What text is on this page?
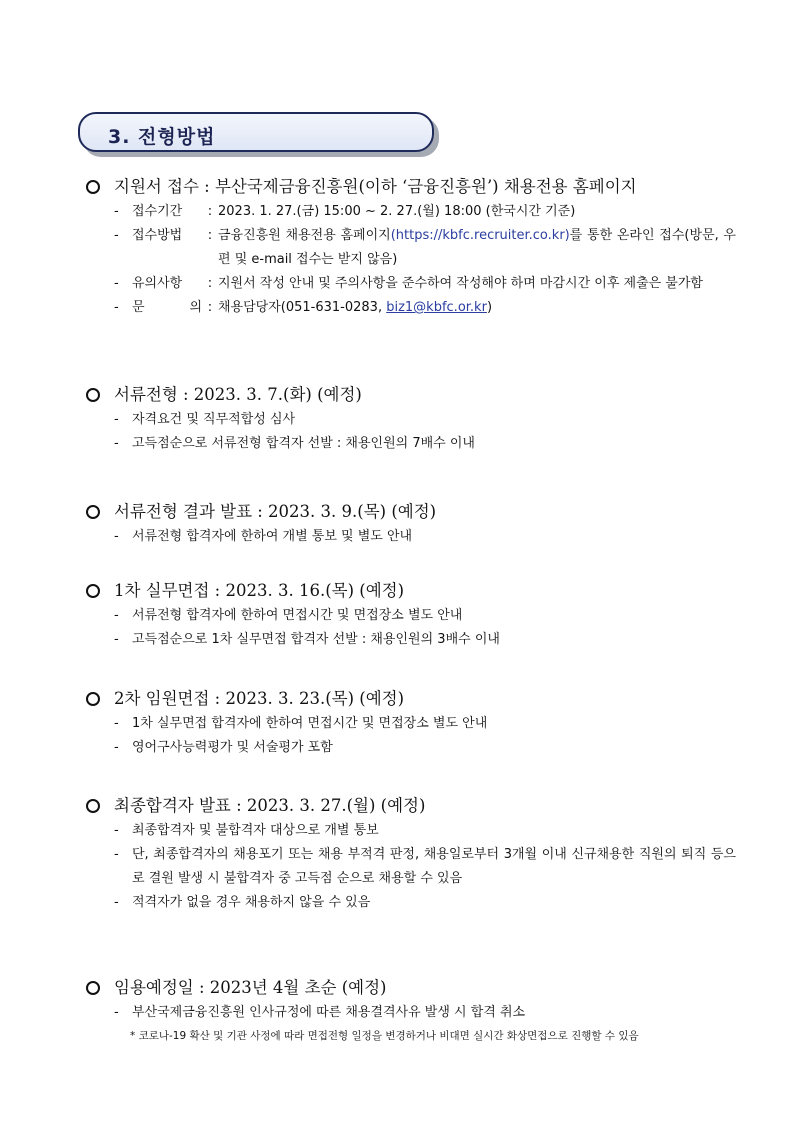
3. 전형방법
지원서 접수 : 부산국제금융진흥원(이하 ‘금융진흥원’) 채용전용 홈페이지
- 접수기간	: 2023. 1. 27.(금) 15:00 ~ 2. 27.(월) 18:00 (한국시간 기준)
- 접수방법	: 금융진흥원 채용전용 홈페이지(https://kbfc.recruiter.co.kr)를 통한 온라인 접수(방문, 우편 및 e-mail 접수는 받지 않음)
- 유의사항	: 지원서 작성 안내 및 주의사항을 준수하여 작성해야 하며 마감시간 이후 제출은 불가함
- 문 의 : 채용담당자(051-631-0283, biz1@kbfc.or.kr)
서류전형 : 2023. 3. 7.(화) (예정)
- 자격요건 및 직무적합성 심사
- 고득점순으로 서류전형 합격자 선발 : 채용인원의 7배수 이내
서류전형 결과 발표 : 2023. 3. 9.(목) (예정)
- 서류전형 합격자에 한하여 개별 통보 및 별도 안내
1차 실무면접 : 2023. 3. 16.(목) (예정)
- 서류전형 합격자에 한하여 면접시간 및 면접장소 별도 안내
- 고득점순으로 1차 실무면접 합격자 선발 : 채용인원의 3배수 이내
2차 임원면접 : 2023. 3. 23.(목) (예정)
- 1차 실무면접 합격자에 한하여 면접시간 및 면접장소 별도 안내
- 영어구사능력평가 및 서술평가 포함
최종합격자 발표 : 2023. 3. 27.(월) (예정)
- 최종합격자 및 불합격자 대상으로 개별 통보
- 단, 최종합격자의 채용포기 또는 채용 부적격 판정, 채용일로부터 3개월 이내 신규채용한 직원의 퇴직 등으로 결원 발생 시 불합격자 중 고득점 순으로 채용할 수 있음
- 적격자가 없을 경우 채용하지 않을 수 있음
임용예정일 : 2023년 4월 초순 (예정)
- 부산국제금융진흥원 인사규정에 따른 채용결격사유 발생 시 합격 취소
* 코로나-19 확산 및 기관 사정에 따라 면접전형 일정을 변경하거나 비대면 실시간 화상면접으로 진행할 수 있음
